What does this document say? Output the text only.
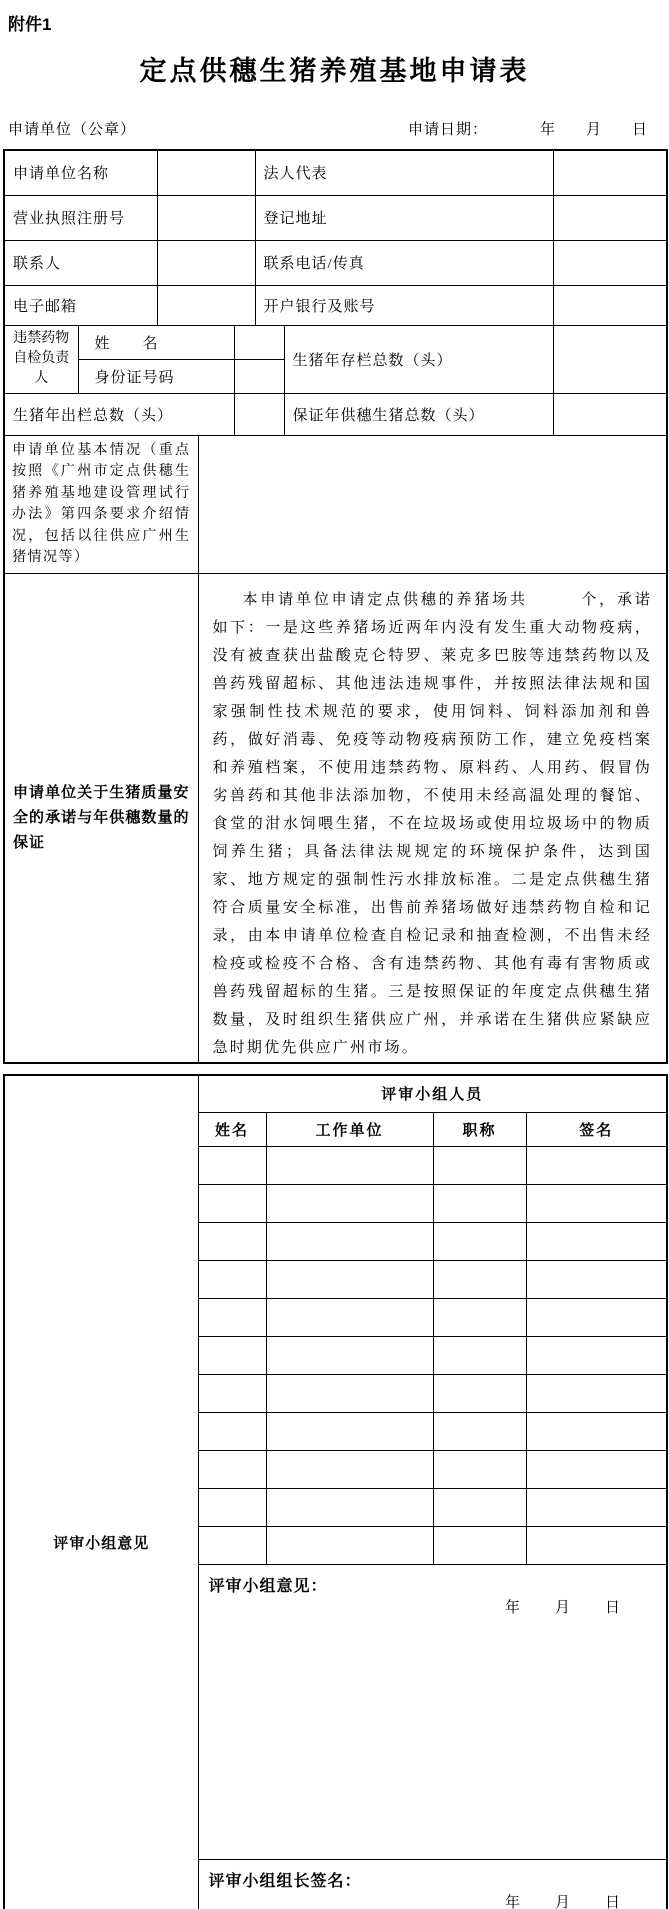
附件1
定点供穗生猪养殖基地申请表
申请单位（公章）	申请日期：	年　月　日
申请单位名称					法人代表		
营业执照注册号					登记地址		
联系人					联系电话/传真		
电子邮箱					开户银行及账号		
违禁药物自检负责人	姓　　名					生猪年存栏总数（头）	
	身份证号码						
生猪年出栏总数（头）						保证年供穗生猪总数（头）	
申请单位基本情况（重点按照《广州市定点供穗生猪养殖基地建设管理试行办法》第四条要求介绍情况，包括以往供应广州生猪情况等）							
申请单位关于生猪质量安全的承诺与年供穗数量的保证			本申请单位申请定点供穗的养猪场共　　　个，承诺如下：一是这些养猪场近两年内没有发生重大动物疫病，没有被查获出盐酸克仑特罗、莱克多巴胺等违禁药物以及兽药残留超标、其他违法违规事件，并按照法律法规和国家强制性技术规范的要求，使用饲料、饲料添加剂和兽药，做好消毒、免疫等动物疫病预防工作，建立免疫档案和养殖档案，不使用违禁药物、原料药、人用药、假冒伪劣兽药和其他非法添加物，不使用未经高温处理的餐馆、食堂的泔水饲喂生猪，不在垃圾场或使用垃圾场中的物质饲养生猪；具备法律法规规定的环境保护条件，达到国家、地方规定的强制性污水排放标准。二是定点供穗生猪符合质量安全标准，出售前养猪场做好违禁药物自检和记录，由本申请单位检查自检记录和抽查检测，不出售未经检疫或检疫不合格、含有违禁药物、其他有毒有害物质或兽药残留超标的生猪。三是按照保证的年度定点供穗生猪数量，及时组织生猪供应广州，并承诺在生猪供应紧缺应急时期优先供应广州市场。				
评审小组意见	评审小组人员			
	姓名	工作单位	职称	签名

	评审小组意见：
年　月　日			

	评审小组组长签名：
年　月　日			
